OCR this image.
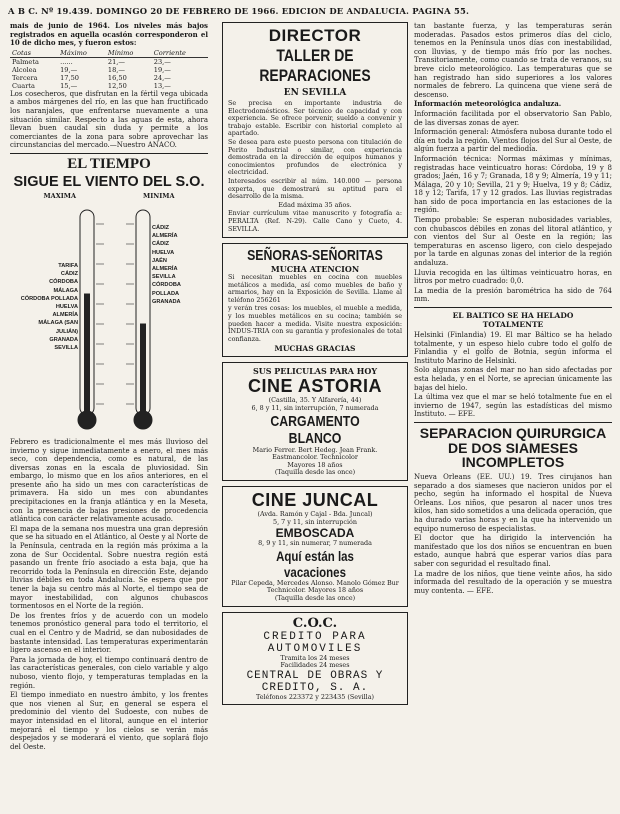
A B C. Nº 19.439. DOMINGO 20 DE FEBRERO DE 1966. EDICION DE ANDALUCIA. PAGINA 55.

mais de junio de 1964. Los niveles más bajos registrados en aquella ocasión corresponderon el 10 de dicho mes, y fueron estos:

Cotas	Máximo	Mínimo	Corriente
Palmeta	......	21,—	23,—
Alcolea	19,—	18,—	19,—
Tercera	17,50	16,50	24,—
Cuarta	15,—	12,50	13,—

Los cosecheros, que disfrutan en la fértil vega ubicada a ambos márgenes del río, en las que han fructificado los naranjales, que enfrentarse nuevamente a una situación similar. Respecto a las aguas de esta, ahora llevan buen caudal sin duda y permite a los comerciantes de la zona para sobre aprovechar las circunstancias del mercado.—Nuestro ANACO.

EL TIEMPO
SIGUE EL VIENTO DEL S.O.
MAXIMA	MINIMA
TARIFA
CÁDIZ
CÓRDOBA
MÁLAGA
CÓRDOBA POLLADA
HUELVA
ALMERÍA
MÁLAGA (SAN JULIÁN)
GRANADA
SEVILLA
CÁDIZ
ALMERÍA
CÁDIZ
HUELVA
JAÉN
ALMERÍA
SEVILLA
CÓRDOBA POLLADA
GRANADA

Febrero es tradicionalmente el mes más lluvioso del invierno y sigue inmediatamente a enero, el mes más seco, con dependencia, como es natural, de las diversas zonas en la escala de pluviosidad. Sin embargo, lo mismo que en los años anteriores, en el presente año ha sido un mes con características de primavera. Ha sido un mes con abundantes precipitaciones en la franja atlántica y en la Meseta, con la presencia de bajas presiones de procedencia atlántica con carácter relativamente acusado.

El mapa de la semana nos muestra una gran depresión que se ha situado en el Atlántico, al Oeste y al Norte de la Península, centrada en la región más próxima a la zona de Sur Occidental. Sobre nuestra región está pasando un frente frío asociado a esta baja, que ha recorrido toda la Península en dirección Este, dejando lluvias débiles en toda Andalucía. Se espera que por tener la baja su centro más al Norte, el tiempo sea de mayor inestabilidad, con algunos chubascos tormentosos en el Norte de la región.

De los frentes fríos y de acuerdo con un modelo tenemos pronóstico general para todo el territorio, el cual en el Centro y de Madrid, se dan nubosidades de bastante intensidad. Las temperaturas experimentarán ligero ascenso en el interior.

Para la jornada de hoy, el tiempo continuará dentro de las características generales, con cielo variable y algo nuboso, viento flojo, y temperaturas templadas en la región.

El tiempo inmediato en nuestro ámbito, y los frentes que nos vienen al Sur, en general se espera el predominio del viento del Sudoeste, con nubes de mayor intensidad en el litoral, aunque en el interior mejorará el tiempo y los cielos se verán más despejados y se moderará el viento, que soplará flojo del Oeste.

DIRECTOR
TALLER DE REPARACIONES
EN SEVILLA

Se precisa en importante industria de Electrodomésticos. Ser técnico de capacidad y con experiencia. Se ofrece porvenir, sueldo a convenir y trabajo estable. Escribir con historial completo al apartado.

Se desea para este puesto persona con titulación de Perito Industrial o similar, con experiencia demostrada en la dirección de equipos humanos y conocimientos profundos de electrónica y electricidad.

Interesados escribir al núm. 140.000 — persona experta, que demostrará su aptitud para el desarrollo de la misma.

Edad máxima 35 años.

Enviar currículum vitae manuscrito y fotografía a: PERALTA (Ref. N-29). Calle Cano y Cueto, 4. SEVILLA.

SEÑORAS-SEÑORITAS
MUCHA ATENCION

Si necesitan muebles en cocina con muebles metálicos a medida, así como muebles de baño y armarios, hay en la Exposición de Sevilla. Llame al teléfono 256261

y verán tres cosas: los muebles, el mueble a medida, y los muebles metálicos en su cocina; también se pueden hacer a medida. Visite nuestra exposición: INDUS-TRIA con su garantía y profesionales de total confianza.

MUCHAS GRACIAS
SUS PELICULAS PARA HOY
CINE ASTORIA
(Castilla, 35. Y Alfarería, 44)
6, 8 y 11, sin interrupción, 7 numerada
CARGAMENTO BLANCO
Mario Ferrer. Bert Hedeg. Jean Frank.
Eastmancolor. Technicolor
Mayores 18 años
(Taquilla desde las once)
CINE JUNCAL
(Avda. Ramón y Cajal - Bda. Juncal)
5, 7 y 11, sin interrupción
EMBOSCADA
8, 9 y 11, sin numerar, 7 numerada
Aquí están las vacaciones
Pilar Cepeda, Mercedes Alonso. Manolo Gómez Bur
Technicolor. Mayores 18 años
(Taquilla desde las once)
C.O.C.
CREDITO PARA
AUTOMOVILES
Tramita los 24 meses
Facilidades 24 meses
CENTRAL DE OBRAS Y
CREDITO, S. A.
Teléfonos 223372 y 223435 (Sevilla)

tan bastante fuerza, y las temperaturas serán moderadas. Pasados estos primeros días del ciclo, tenemos en la Península unos días con inestabilidad, con lluvias, y de tiempo más frío por las noches. Transitoriamente, como cuando se trata de veranos, su breve ciclo meteorológico. Las temperaturas que se han registrado han sido superiores a los valores normales de febrero. La quincena que viene será de descenso.

Información meteorológica andaluza.

Información facilitada por el observatorio San Pablo, de las diversas zonas de ayer.

Información general: Atmósfera nubosa durante todo el día en toda la región. Vientos flojos del Sur al Oeste, de algún fuerza a partir del mediodía.

Información técnica: Normas máximas y mínimas, registradas hace veinticuatro horas: Córdoba, 19 y 8 grados; Jaén, 16 y 7; Granada, 18 y 9; Almería, 19 y 11; Málaga, 20 y 10; Sevilla, 21 y 9; Huelva, 19 y 8; Cádiz, 18 y 12; Tarifa, 17 y 12 grados. Las lluvias registradas han sido de poca importancia en las estaciones de la región.

Tiempo probable: Se esperan nubosidades variables, con chubascos débiles en zonas del litoral atlántico, y con vientos del Sur al Oeste en la región; las temperaturas en ascenso ligero, con cielo despejado por la tarde en algunas zonas del interior de la región andaluza.

Lluvia recogida en las últimas veinticuatro horas, en litros por metro cuadrado: 0,0.

La media de la presión barométrica ha sido de 764 mm.

EL BALTICO SE HA HELADO
TOTALMENTE

Helsinki (Finlandia) 19. El mar Báltico se ha helado totalmente, y un espeso hielo cubre todo el golfo de Finlandia y el golfo de Botnia, según informa el Instituto Marino de Helsinki.

Solo algunas zonas del mar no han sido afectadas por esta helada, y en el Norte, se aprecian únicamente las bajas del hielo.

La última vez que el mar se heló totalmente fue en el invierno de 1947, según las estadísticas del mismo Instituto. — EFE.

SEPARACION QUIRURGICA DE DOS SIAMESES INCOMPLETOS

Nueva Orleans (EE. UU.) 19. Tres cirujanos han separado a dos siameses que nacieron unidos por el pecho, según ha informado el hospital de Nueva Orleans. Los niños, que pesaron al nacer unos tres kilos, han sido sometidos a una delicada operación, que ha durado varias horas y en la que ha intervenido un equipo numeroso de especialistas.

El doctor que ha dirigido la intervención ha manifestado que los dos niños se encuentran en buen estado, aunque habrá que esperar varios días para saber con seguridad el resultado final.

La madre de los niños, que tiene veinte años, ha sido informada del resultado de la operación y se muestra muy contenta. — EFE.
